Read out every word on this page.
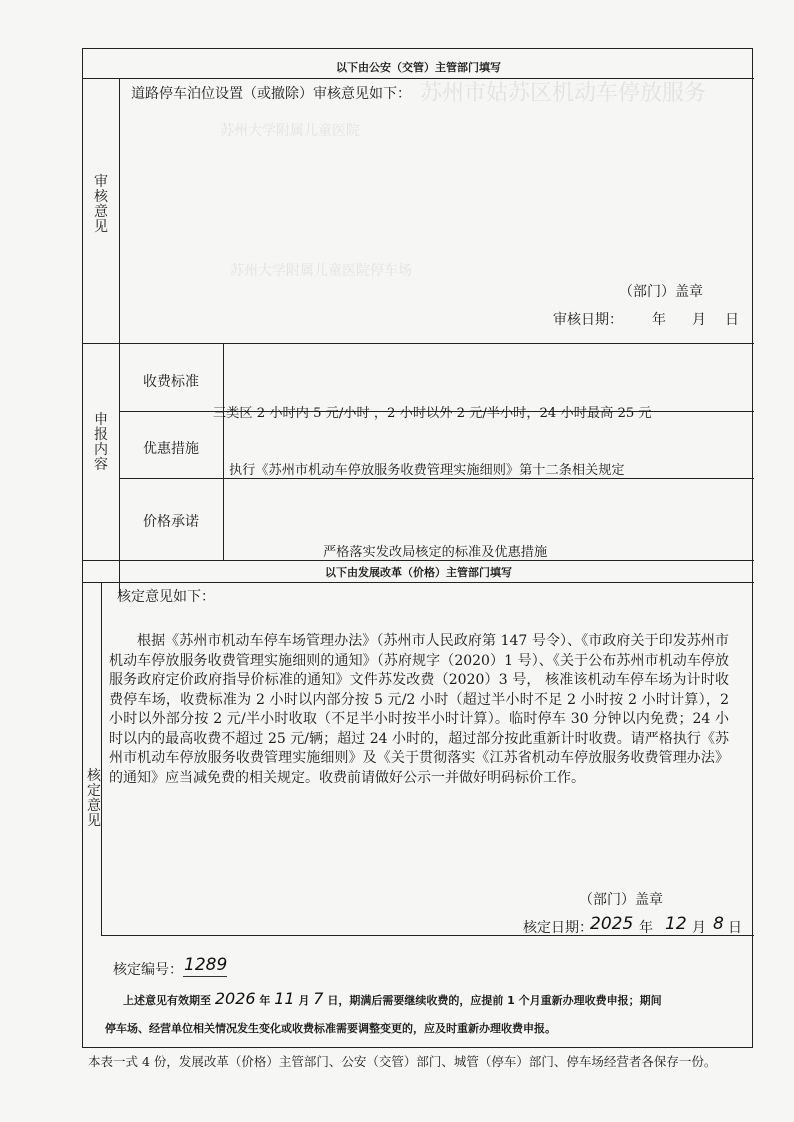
苏州市姑苏区机动车停放服务
苏州大学附属儿童医院
苏州大学附属儿童医院停车场
以下由公安（交管）主管部门填写
审核意见
道路停车泊位设置（或撤除）审核意见如下：
（部门）盖章
审核日期： 年 月 日
申报内容
收费标准
三类区 2 小时内 5 元/小时 ，2 小时以外 2 元/半小时，24 小时最高 25 元
优惠措施
执行《苏州市机动车停放服务收费管理实施细则》第十二条相关规定
价格承诺
严格落实发改局核定的标准及优惠措施
以下由发展改革（价格）主管部门填写
核定意见
核定意见如下：
根据《苏州市机动车停车场管理办法》（苏州市人民政府第 147 号令）、《市政府关于印发苏州市机动车停放服务收费管理实施细则的通知》（苏府规字（2020）1 号）、《关于公布苏州市机动车停放服务政府定价政府指导价标准的通知》文件苏发改费（2020）3 号， 核准该机动车停车场为计时收费停车场，收费标准为 2 小时以内部分按 5 元/2 小时（超过半小时不足 2 小时按 2 小时计算），2 小时以外部分按 2 元/半小时收取（不足半小时按半小时计算）。临时停车 30 分钟以内免费；24 小时以内的最高收费不超过 25 元/辆；超过 24 小时的，超过部分按此重新计时收费。请严格执行《苏州市机动车停放服务收费管理实施细则》及《关于贯彻落实《江苏省机动车停放服务收费管理办法》的通知》应当减免费的相关规定。收费前请做好公示一并做好明码标价工作。
（部门）盖章
核定日期：
2025 年 12 月 8 日
核定编号： 1289
上述意见有效期至 2026 年 11 月 7 日，期满后需要继续收费的，应提前 1 个月重新办理收费申报；期间
停车场、经营单位相关情况发生变化或收费标准需要调整变更的，应及时重新办理收费申报。
本表一式 4 份，发展改革（价格）主管部门、公安（交管）部门、城管（停车）部门、停车场经营者各保存一份。
